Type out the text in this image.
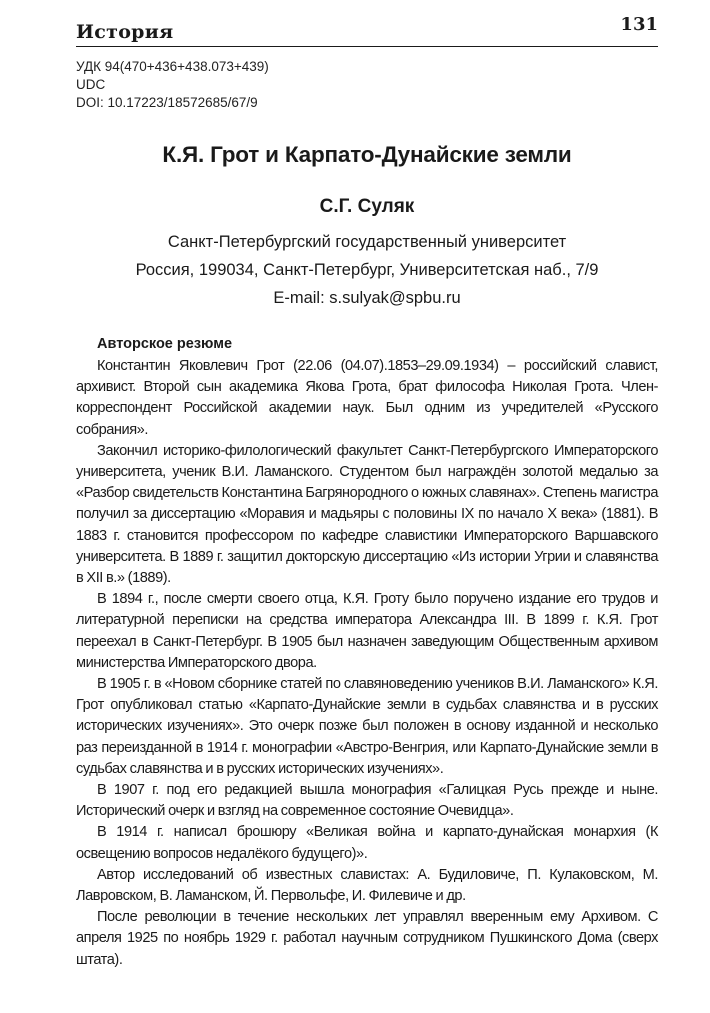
История	131
УДК 94(470+436+438.073+439)
UDC
DOI: 10.17223/18572685/67/9
К.Я. Грот и Карпато-Дунайские земли
С.Г. Суляк
Санкт-Петербургский государственный университет
Россия, 199034, Санкт-Петербург, Университетская наб., 7/9
E-mail: s.sulyak@spbu.ru
Авторское резюме

Константин Яковлевич Грот (22.06 (04.07).1853–29.09.1934) – российский славист, архивист. Второй сын академика Якова Грота, брат философа Николая Грота. Член-корреспондент Российской академии наук. Был одним из учредителей «Русского собрания».

Закончил историко-филологический факультет Санкт-Петербургского Императорского университета, ученик В.И. Ламанского. Студентом был награждён золотой медалью за «Разбор свидетельств Константина Багрянородного о южных славянах». Степень магистра получил за диссертацию «Моравия и мадьяры с половины IX по начало X века» (1881). В 1883 г. становится профессором по кафедре славистики Императорского Варшавского университета. В 1889 г. защитил докторскую диссертацию «Из истории Угрии и славянства в XII в.» (1889).

В 1894 г., после смерти своего отца, К.Я. Гроту было поручено издание его трудов и литературной переписки на средства императора Александра III. В 1899 г. К.Я. Грот переехал в Санкт-Петербург. В 1905 был назначен заведующим Общественным архивом министерства Императорского двора.

В 1905 г. в «Новом сборнике статей по славяноведению учеников В.И. Ламанского» К.Я. Грот опубликовал статью «Карпато-Дунайские земли в судьбах славянства и в русских исторических изучениях». Это очерк позже был положен в основу изданной и несколько раз переизданной в 1914 г. монографии «Австро-Венгрия, или Карпато-Дунайские земли в судьбах славянства и в русских исторических изучениях».

В 1907 г. под его редакцией вышла монография «Галицкая Русь прежде и ныне. Исторический очерк и взгляд на современное состояние Очевидца».

В 1914 г. написал брошюру «Великая война и карпато-дунайская монархия (К освещению вопросов недалёкого будущего)».

Автор исследований об известных славистах: А. Будиловиче, П. Кулаковском, М. Лавровском, В. Ламанском, Й. Первольфе, И. Филевиче и др.

После революции в течение нескольких лет управлял вверенным ему Архивом. С апреля 1925 по ноябрь 1929 г. работал научным сотрудником Пушкинского Дома (сверх штата).
